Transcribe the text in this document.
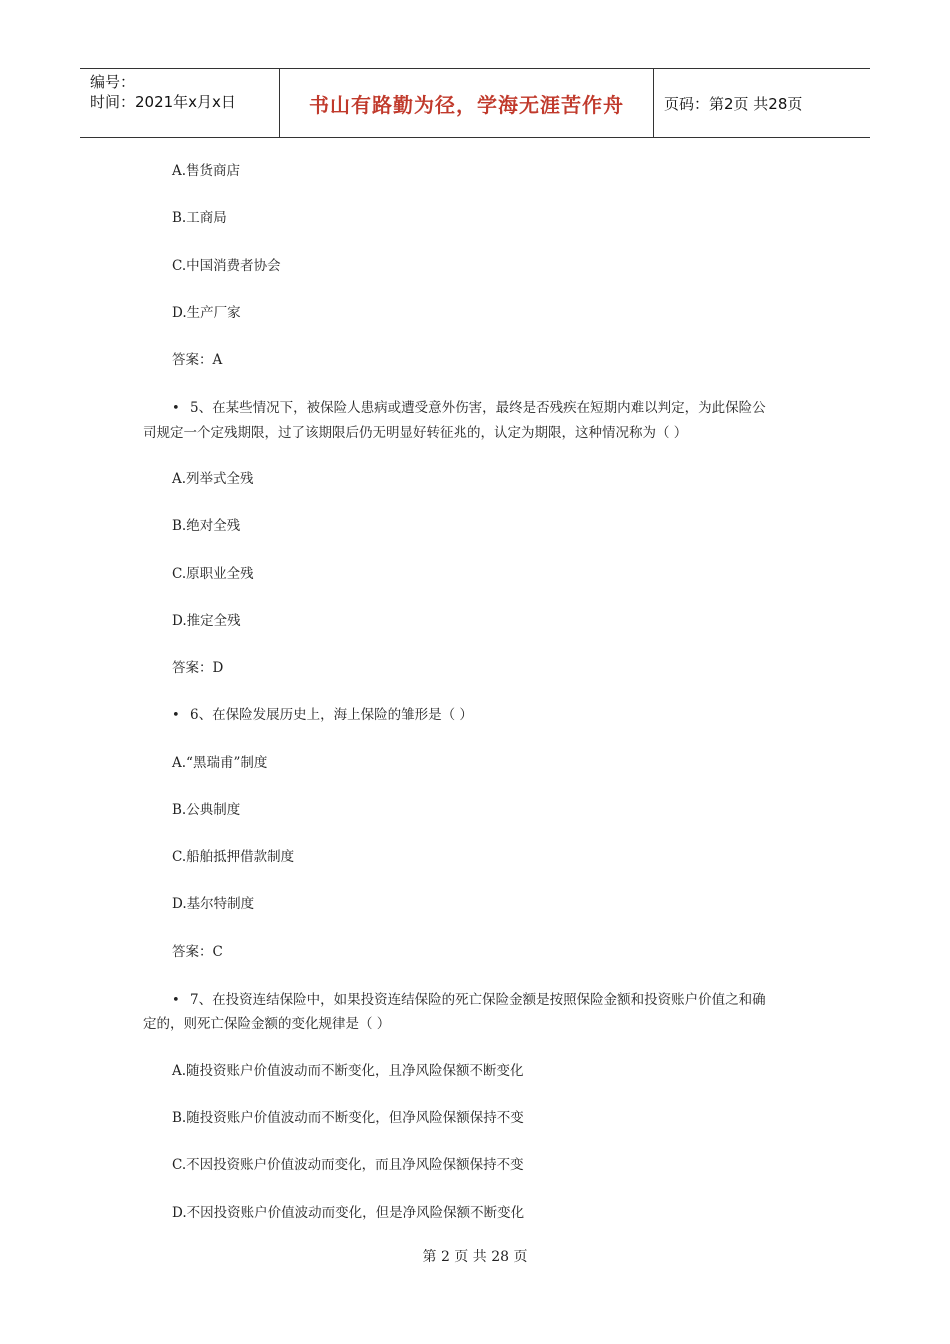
编号：
时间：2021年x月x日	书山有路勤为径，学海无涯苦作舟	页码：第2页 共28页
A.售货商店
B.工商局
C.中国消费者协会
D.生产厂家
答案：A
• 5、在某些情况下，被保险人患病或遭受意外伤害，最终是否残疾在短期内难以判定，为此保险公
司规定一个定残期限，过了该期限后仍无明显好转征兆的，认定为期限，这种情况称为（ ）
A.列举式全残
B.绝对全残
C.原职业全残
D.推定全残
答案：D
• 6、在保险发展历史上，海上保险的雏形是（ ）
A.“黑瑞甫”制度
B.公典制度
C.船舶抵押借款制度
D.基尔特制度
答案：C
• 7、在投资连结保险中，如果投资连结保险的死亡保险金额是按照保险金额和投资账户价值之和确
定的，则死亡保险金额的变化规律是（ ）
A.随投资账户价值波动而不断变化，且净风险保额不断变化
B.随投资账户价值波动而不断变化，但净风险保额保持不变
C.不因投资账户价值波动而变化，而且净风险保额保持不变
D.不因投资账户价值波动而变化，但是净风险保额不断变化
第 2 页 共 28 页
